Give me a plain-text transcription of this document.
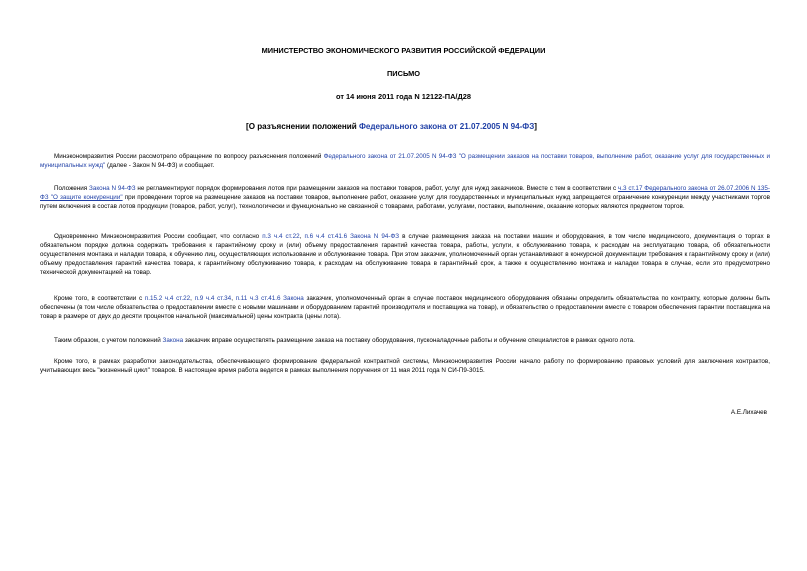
МИНИСТЕРСТВО ЭКОНОМИЧЕСКОГО РАЗВИТИЯ РОССИЙСКОЙ ФЕДЕРАЦИИ
ПИСЬМО
от 14 июня 2011 года N 12122-ПА/Д28
[О разъяснении положений Федерального закона от 21.07.2005 N 94-ФЗ]
Минэкономразвития России рассмотрело обращение по вопросу разъяснения положений Федерального закона от 21.07.2005 N 94-ФЗ "О размещении заказов на поставки товаров, выполнение работ, оказание услуг для государственных и муниципальных нужд" (далее - Закон N 94-ФЗ) и сообщает.
Положения Закона N 94-ФЗ не регламентируют порядок формирования лотов при размещении заказов на поставки товаров, работ, услуг для нужд заказчиков. Вместе с тем в соответствии с ч.3 ст.17 Федерального закона от 26.07.2006 N 135-ФЗ "О защите конкуренции" при проведении торгов на размещение заказов на поставки товаров, выполнение работ, оказание услуг для государственных и муниципальных нужд запрещается ограничение конкуренции между участниками торгов путем включения в состав лотов продукции (товаров, работ, услуг), технологически и функционально не связанной с товарами, работами, услугами, поставки, выполнение, оказание которых являются предметом торгов.
Одновременно Минэкономразвития России сообщает, что согласно п.3 ч.4 ст.22, п.6 ч.4 ст.41.6 Закона N 94-ФЗ в случае размещения заказа на поставки машин и оборудования, в том числе медицинского, документация о торгах в обязательном порядке должна содержать требования к гарантийному сроку и (или) объему предоставления гарантий качества товара, работы, услуги, к обслуживанию товара, к расходам на эксплуатацию товара, об обязательности осуществления монтажа и наладки товара, к обучению лиц, осуществляющих использование и обслуживание товара. При этом заказчик, уполномоченный орган устанавливают в конкурсной документации требования к гарантийному сроку и (или) объему предоставления гарантий качества товара, к гарантийному обслуживанию товара, к расходам на обслуживание товара в гарантийный срок, а также к осуществлению монтажа и наладки товара в случае, если это предусмотрено технической документацией на товар.
Кроме того, в соответствии с п.15.2 ч.4 ст.22, п.9 ч.4 ст.34, п.11 ч.3 ст.41.6 Закона заказчик, уполномоченный орган в случае поставок медицинского оборудования обязаны определить обязательства по контракту, которые должны быть обеспечены (в том числе обязательства о предоставлении вместе с новыми машинами и оборудованием гарантий производителя и поставщика на товар), и обязательство о предоставлении вместе с товаром обеспечения гарантии поставщика на товар в размере от двух до десяти процентов начальной (максимальной) цены контракта (цены лота).
Таким образом, с учетом положений Закона заказчик вправе осуществлять размещение заказа на поставку оборудования, пусконаладочные работы и обучение специалистов в рамках одного лота.
Кроме того, в рамках разработки законодательства, обеспечивающего формирование федеральной контрактной системы, Минэкономразвития России начало работу по формированию правовых условий для заключения контрактов, учитывающих весь "жизненный цикл" товаров. В настоящее время работа ведется в рамках выполнения поручения от 11 мая 2011 года N СИ-П9-3015.
А.Е.Лихачев
